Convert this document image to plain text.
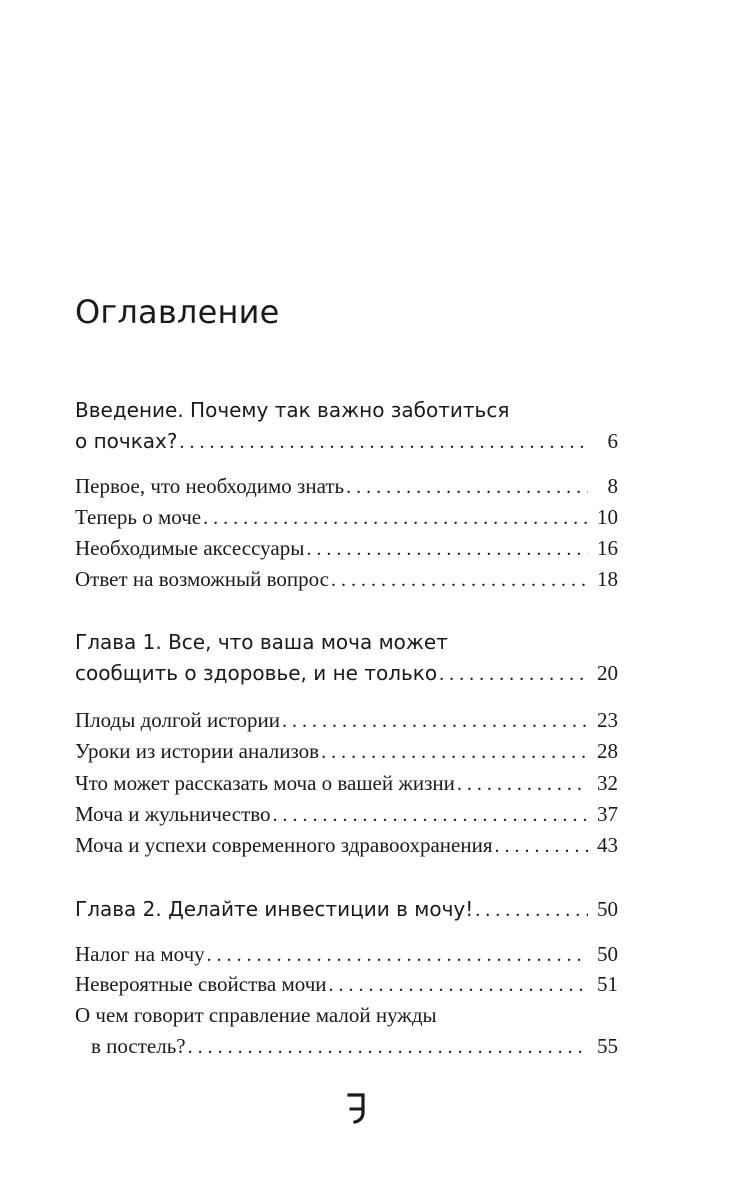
Оглавление
Введение. Почему так важно заботиться
о почках? . . .	6
Первое, что необходимо знать . . .	8
Теперь о моче . . .	10
Необходимые аксессуары . . .	16
Ответ на возможный вопрос . . .	18
Глава 1. Все, что ваша моча может
сообщить о здоровье, и не только . . .	20
Плоды долгой истории . . .	23
Уроки из истории анализов . . .	28
Что может рассказать моча о вашей жизни . . .	32
Моча и жульничество . . .	37
Моча и успехи современного здравоохранения . . .	43
Глава 2. Делайте инвестиции в мочу! . . .	50
Налог на мочу . . .	50
Невероятные свойства мочи . . .	51
О чем говорит справление малой нужды
в постель? . . .	55
